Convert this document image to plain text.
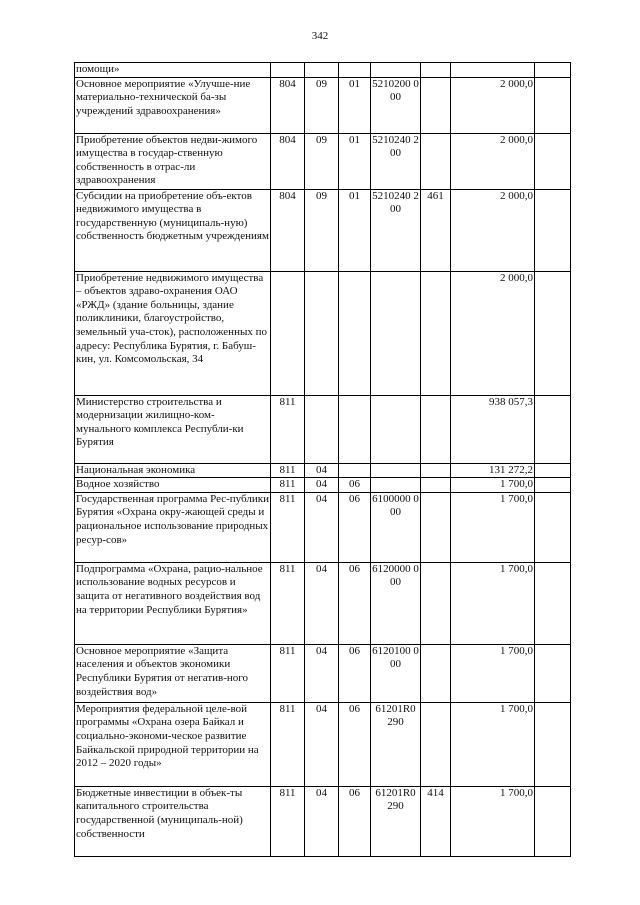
342
помощи»							
Основное мероприятие «Улучше-ние материально-технической ба-зы учреждений здравоохранения»	804	09	01	5210200 000		2 000,0	
Приобретение объектов недви-жимого имущества в государ-ственную собственность в отрас-ли здравоохранения	804	09	01	5210240 200		2 000,0	
Субсидии на приобретение объ-ектов недвижимого имущества в государственную (муниципаль-ную) собственность бюджетным учреждениям	804	09	01	5210240 200	461	2 000,0	
Приобретение недвижимого имущества – объектов здраво-охранения ОАО «РЖД» (здание больницы, здание поликлиники, благоустройство, земельный уча-сток), расположенных по адресу: Республика Бурятия, г. Бабуш-кин, ул. Комсомольская, 34						2 000,0	
Министерство строительства и модернизации жилищно-ком-мунального комплекса Республи-ки Бурятия	811					938 057,3	
Национальная экономика	811	04				131 272,2	
Водное хозяйство	811	04	06			1 700,0	
Государственная программа Рес-публики Бурятия «Охрана окру-жающей среды и рациональное использование природных ресур-сов»	811	04	06	6100000 000		1 700,0	
Подпрограмма «Охрана, рацио-нальное использование водных ресурсов и защита от негативного воздействия вод на территории Республики Бурятия»	811	04	06	6120000 000		1 700,0	
Основное мероприятие «Защита населения и объектов экономики Республики Бурятия от негатив-ного воздействия вод»	811	04	06	6120100 000		1 700,0	
Мероприятия федеральной целе-вой программы «Охрана озера Байкал и социально-экономи-ческое развитие Байкальской природной территории на 2012 – 2020 годы»	811	04	06	61201R0 290		1 700,0	
Бюджетные инвестиции в объек-ты капитального строительства государственной (муниципаль-ной) собственности	811	04	06	61201R0 290	414	1 700,0	
